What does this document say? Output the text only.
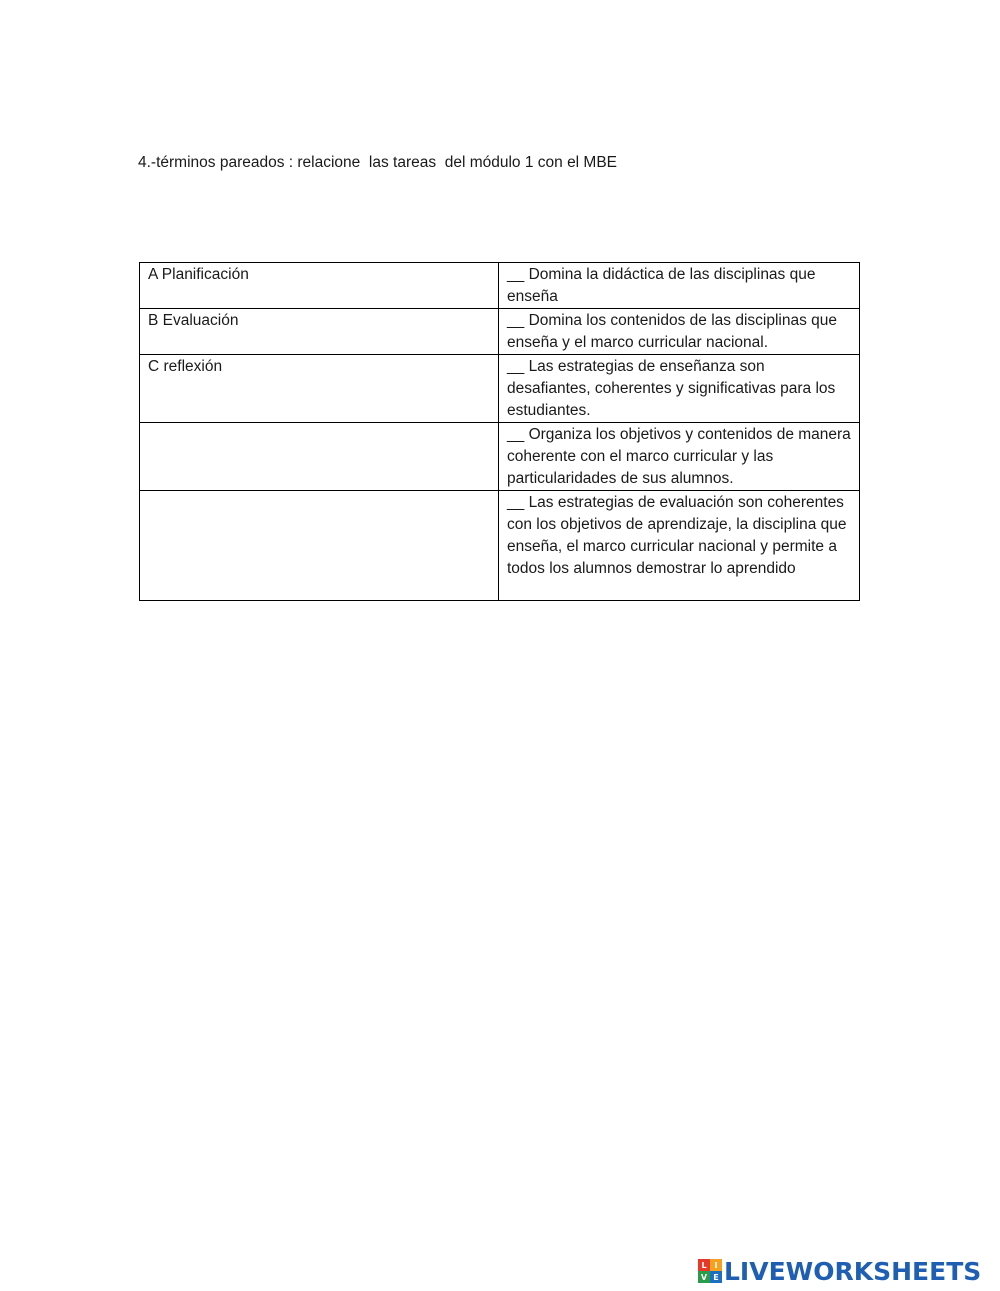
4.-términos pareados : relacione  las tareas  del módulo 1 con el MBE
A Planificación	__ Domina la didáctica de las disciplinas que enseña
B Evaluación	__ Domina los contenidos de las disciplinas que enseña y el marco curricular nacional.
C reflexión	__ Las estrategias de enseñanza son desafiantes, coherentes y significativas para los estudiantes.
	__ Organiza los objetivos y contenidos de manera coherente con el marco curricular y las particularidades de sus alumnos.
	__ Las estrategias de evaluación son coherentes con los objetivos de aprendizaje, la disciplina que enseña, el marco curricular nacional y permite a todos los alumnos demostrar lo aprendido
L I
V E LIVEWORKSHEETS
